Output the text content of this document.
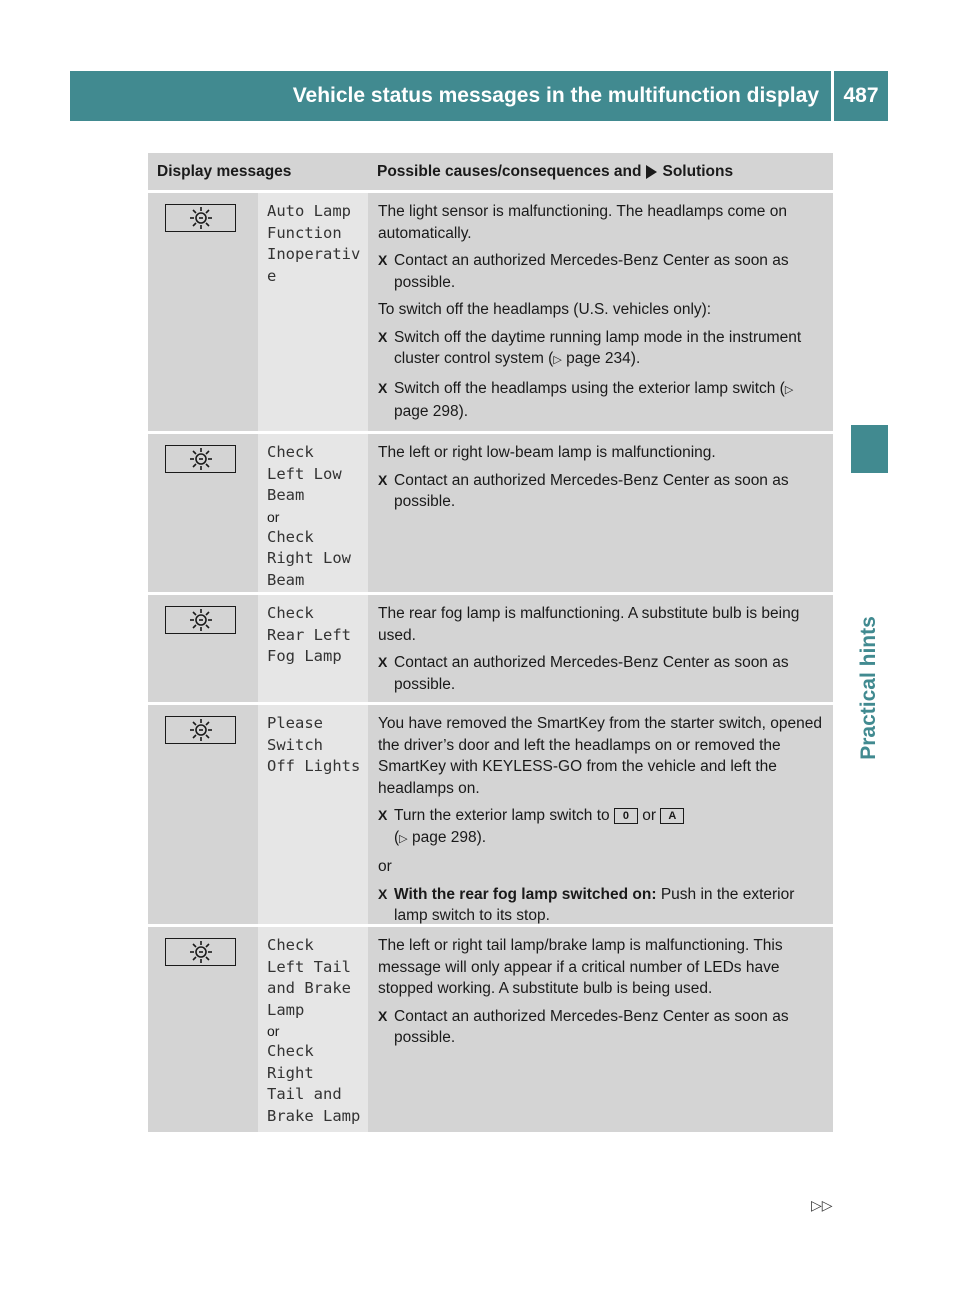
Vehicle status messages in the multifunction display	487
Practical hints
Display messages	Possible causes/consequences and Solutions
Auto Lamp
Function
Inoperativ
e

The light sensor is malfunctioning. The headlamps come on automatically.

X Contact an authorized Mercedes-Benz Center as soon as possible.

To switch off the headlamps (U.S. vehicles only):

X Switch off the daytime running lamp mode in the instrument cluster control system (▷ page 234).
X Switch off the headlamps using the exterior lamp switch (▷ page 298).
Check
Left Low
Beam
or
Check
Right Low
Beam

The left or right low-beam lamp is malfunctioning.

X Contact an authorized Mercedes-Benz Center as soon as possible.
Check
Rear Left
Fog Lamp

The rear fog lamp is malfunctioning. A substitute bulb is being used.

X Contact an authorized Mercedes-Benz Center as soon as possible.
Please
Switch
Off Lights

You have removed the SmartKey from the starter switch, opened the driver’s door and left the headlamps on or removed the SmartKey with KEYLESS-GO from the vehicle and left the headlamps on.

X Turn the exterior lamp switch to 0 or A
(▷ page 298).

or

X With the rear fog lamp switched on: Push in the exterior lamp switch to its stop.
Check
Left Tail
and Brake
Lamp
or
Check
Right
Tail and
Brake Lamp

The left or right tail lamp/brake lamp is malfunctioning. This message will only appear if a critical number of LEDs have stopped working. A substitute bulb is being used.

X Contact an authorized Mercedes-Benz Center as soon as possible.
▷▷
